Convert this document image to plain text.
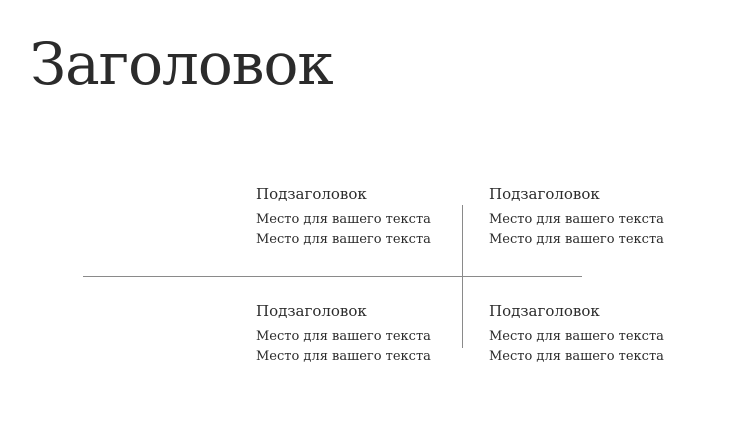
Заголовок
Подзаголовок
Место для вашего текста
Место для вашего текста
Подзаголовок
Место для вашего текста
Место для вашего текста
Подзаголовок
Место для вашего текста
Место для вашего текста
Подзаголовок
Место для вашего текста
Место для вашего текста
